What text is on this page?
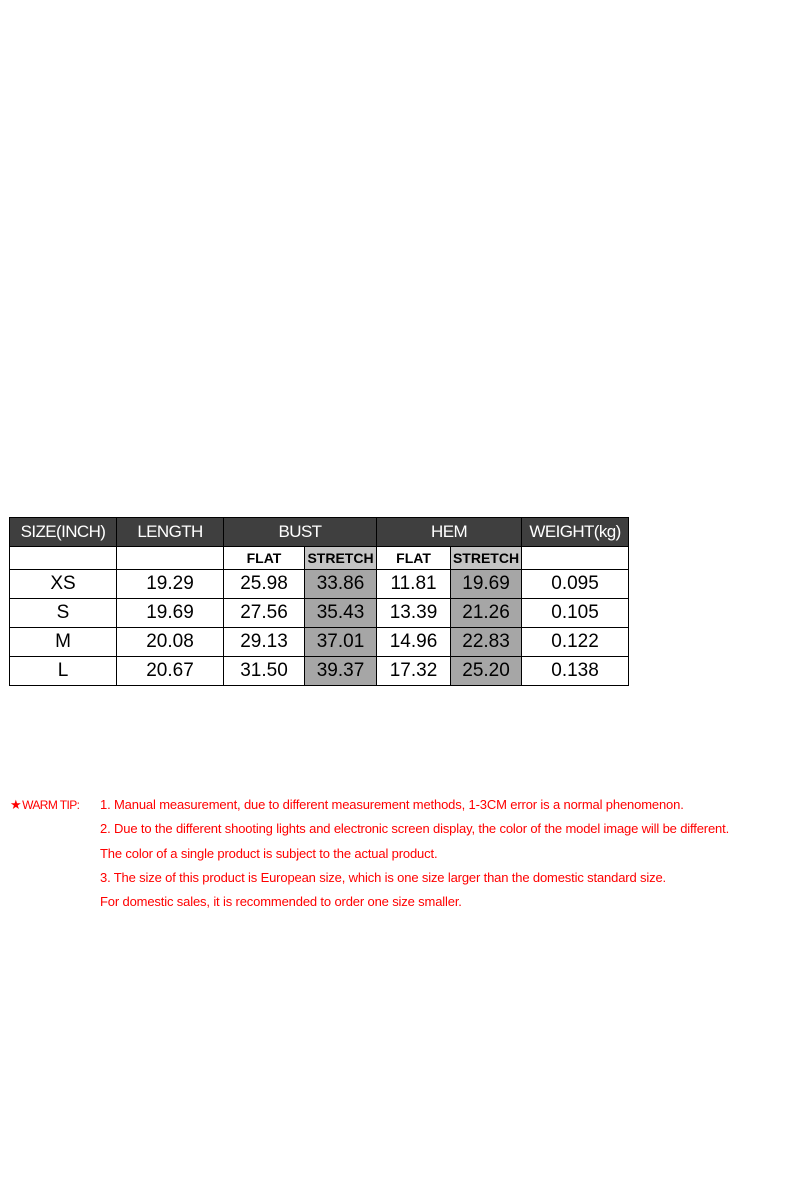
SIZE(INCH)	LENGTH	BUST		HEM		WEIGHT(kg)
		FLAT	STRETCH	FLAT	STRETCH	
XS	19.29	25.98	33.86	11.81	19.69	0.095
S	19.69	27.56	35.43	13.39	21.26	0.105
M	20.08	29.13	37.01	14.96	22.83	0.122
L	20.67	31.50	39.37	17.32	25.20	0.138
★WARM TIP: 1. Manual measurement, due to different measurement methods, 1-3CM error is a normal phenomenon.
2. Due to the different shooting lights and electronic screen display, the color of the model image will be different.
The color of a single product is subject to the actual product.
3. The size of this product is European size, which is one size larger than the domestic standard size.
For domestic sales, it is recommended to order one size smaller.
